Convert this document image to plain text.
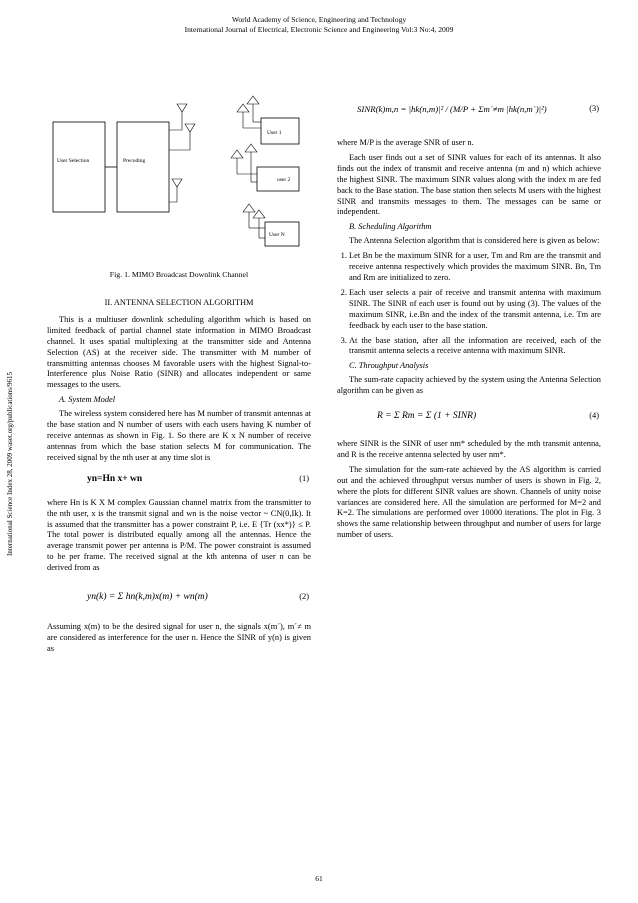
World Academy of Science, Engineering and Technology
International Journal of Electrical, Electronic Science and Engineering Vol:3 No:4, 2009
International Science Index 28, 2009 waset.org/publications/9615
User Selection	Precoding
User 1
user 2
User N
Fig. 1. MIMO Broadcast Downlink Channel
II. ANTENNA SELECTION ALGORITHM

This is a multiuser downlink scheduling algorithm which is based on limited feedback of partial channel state information in MIMO Broadcast channel. It uses spatial multiplexing at the transmitter side and Antenna Selection (AS) at the receiver side. The transmitter with M number of transmitting antennas chooses M favorable users with the highest Signal-to-Interference plus Noise Ratio (SINR) and allocates independent or same messages to the users.

A. System Model

The wireless system considered here has M number of transmit antennas at the base station and N number of users with each users having K number of receive antennas as shown in Fig. 1. So there are K x N number of receive antennas from which the base station selects M for communication. The received signal by the nth user at any time slot is

yn=Hn x+ wn	(1)

where Hn is K X M complex Gaussian channel matrix from the transmitter to the nth user, x is the transmit signal and wn is the noise vector ~ CN(0,Ik). It is assumed that the transmitter has a power constraint P, i.e. E {Tr (xx*)} ≤ P. The total power is distributed equally among all the antennas. Hence the average transmit power per antenna is P/M. The power constraint is assumed to be per frame. The received signal at the kth antenna of user n can be derived from as

yn(k) = Σ hn(k,m)x(m) + wn(m)	(2)

Assuming x(m) to be the desired signal for user n, the signals x(m´), m´≠ m are considered as interference for the user n. Hence the SINR of y(n) is given as

SINR(k)m,n = |hk(n,m)|² / (M/P + Σm´≠m |hk(n,m´)|²)	(3)

where M/P is the average SNR of user n.

Each user finds out a set of SINR values for each of its antennas. It also finds out the index of transmit and receive antenna (m and n) which achieve the highest SINR. The maximum SINR values along with the index m are fed back to the Base station. The base station then selects M users with the highest SINR and transmits messages to them. The messages can be same or independent.

B. Scheduling Algorithm

The Antenna Selection algorithm that is considered here is given as below:

1. Let Bn be the maximum SINR for a user, Tm and Rm are the transmit and receive antenna respectively which provides the maximum SINR. Bn, Tm and Rm are initialized to zero.
2. Each user selects a pair of receive and transmit antenna with maximum SINR. The SINR of each user is found out by using (3). The values of the maximum SINR, i.e.Bn and the index of the transmit antenna, i.e. Tm are feedback by each user to the base station.
3. At the base station, after all the information are received, each of the transmit antenna selects a receive antenna with maximum SINR.
C. Throughput Analysis

The sum-rate capacity achieved by the system using the Antenna Selection algorithm can be given as

R = Σ Rm = Σ (1 + SINR)	(4)

where SINR is the SINR of user nm* scheduled by the mth transmit antenna, and R is the receive antenna selected by user nm*.

The simulation for the sum-rate achieved by the AS algorithm is carried out and the achieved throughput versus number of users is shown in Fig. 2, where the plots for different SINR values are shown. Channels of unity noise variances are considered here. All the simulation are performed for M=2 and K=2. The simulations are performed over 10000 iterations. The plot in Fig. 3 shows the same relationship between throughput and number of users for large number of users.

61
